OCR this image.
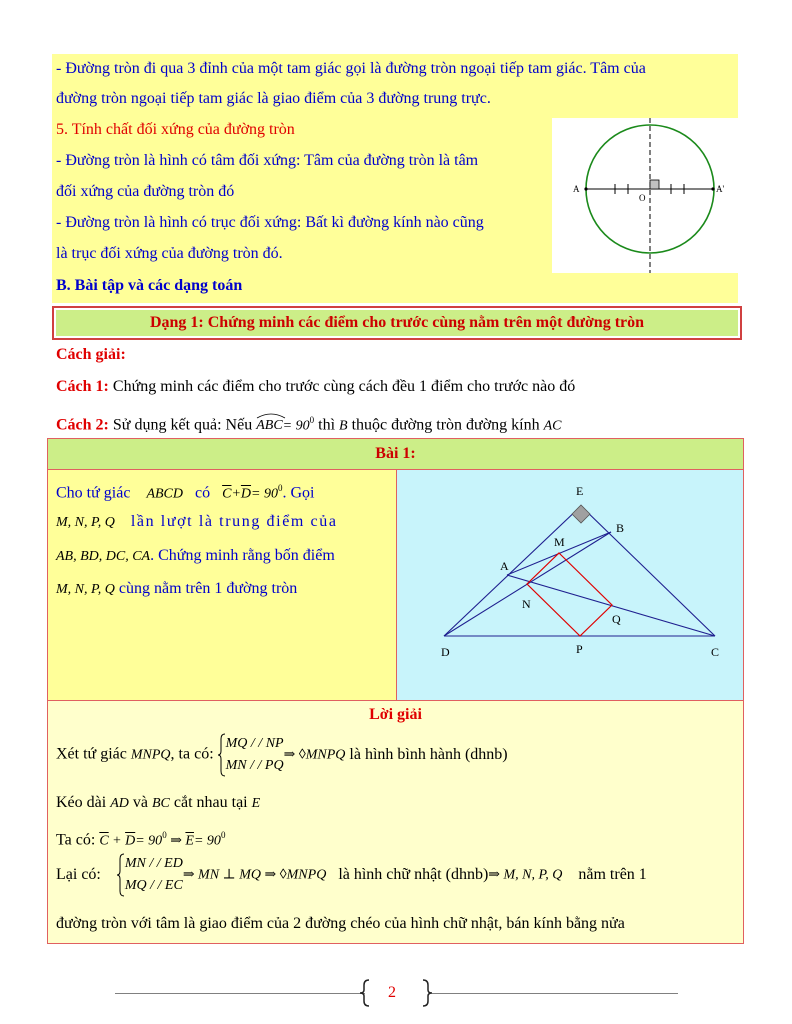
- Đường tròn đi qua 3 đỉnh của một tam giác gọi là đường tròn ngoại tiếp tam giác. Tâm của
đường tròn ngoại tiếp tam giác là giao điểm của 3 đường trung trực.
5. Tính chất đối xứng của đường tròn
- Đường tròn là hình có tâm đối xứng: Tâm của đường tròn là tâm
đối xứng của đường tròn đó
- Đường tròn là hình có trục đối xứng: Bất kì đường kính nào cũng
là trục đối xứng của đường tròn đó.
A
O
A'
B. Bài tập và các dạng toán
Dạng 1: Chứng minh các điểm cho trước cùng nằm trên một đường tròn
Cách giải:
Cách 1: Chứng minh các điểm cho trước cùng cách đều 1 điểm cho trước nào đó
Cách 2: Sử dụng kết quả: Nếu $ABC= 90^0$ thì B thuộc đường tròn đường kính AC
Bài 1:
Cho tứ giác ABCD có $\overline{C}+\overline{D}= 90^0$. Gọi
M, N, P, Q lần lượt là trung điểm của
AB, BD, DC, CA. Chứng minh rằng bốn điểm
M, N, P, Q cùng nằm trên 1 đường tròn
E
B
M
A
N
Q
D	P	C
Lời giải
Xét tứ giác MNPQ, ta có: MQ / / NP
MN / / PQ⇒ ◊MNPQ là hình bình hành (dhnb)
Kéo dài AD và BC cắt nhau tại E
Ta có: $\overline{C} + \overline{D}= 90^0$ ⇒ $\overline{E}= 90^0$
Lại có:    MN / / ED
MQ / / EC⇒ MN ⊥ MQ ⇒ ◊MNPQ là hình chữ nhật (dhnb)⇒ M, N, P, Q nằm trên 1
đường tròn với tâm là giao điểm của 2 đường chéo của hình chữ nhật, bán kính bằng nửa
2
